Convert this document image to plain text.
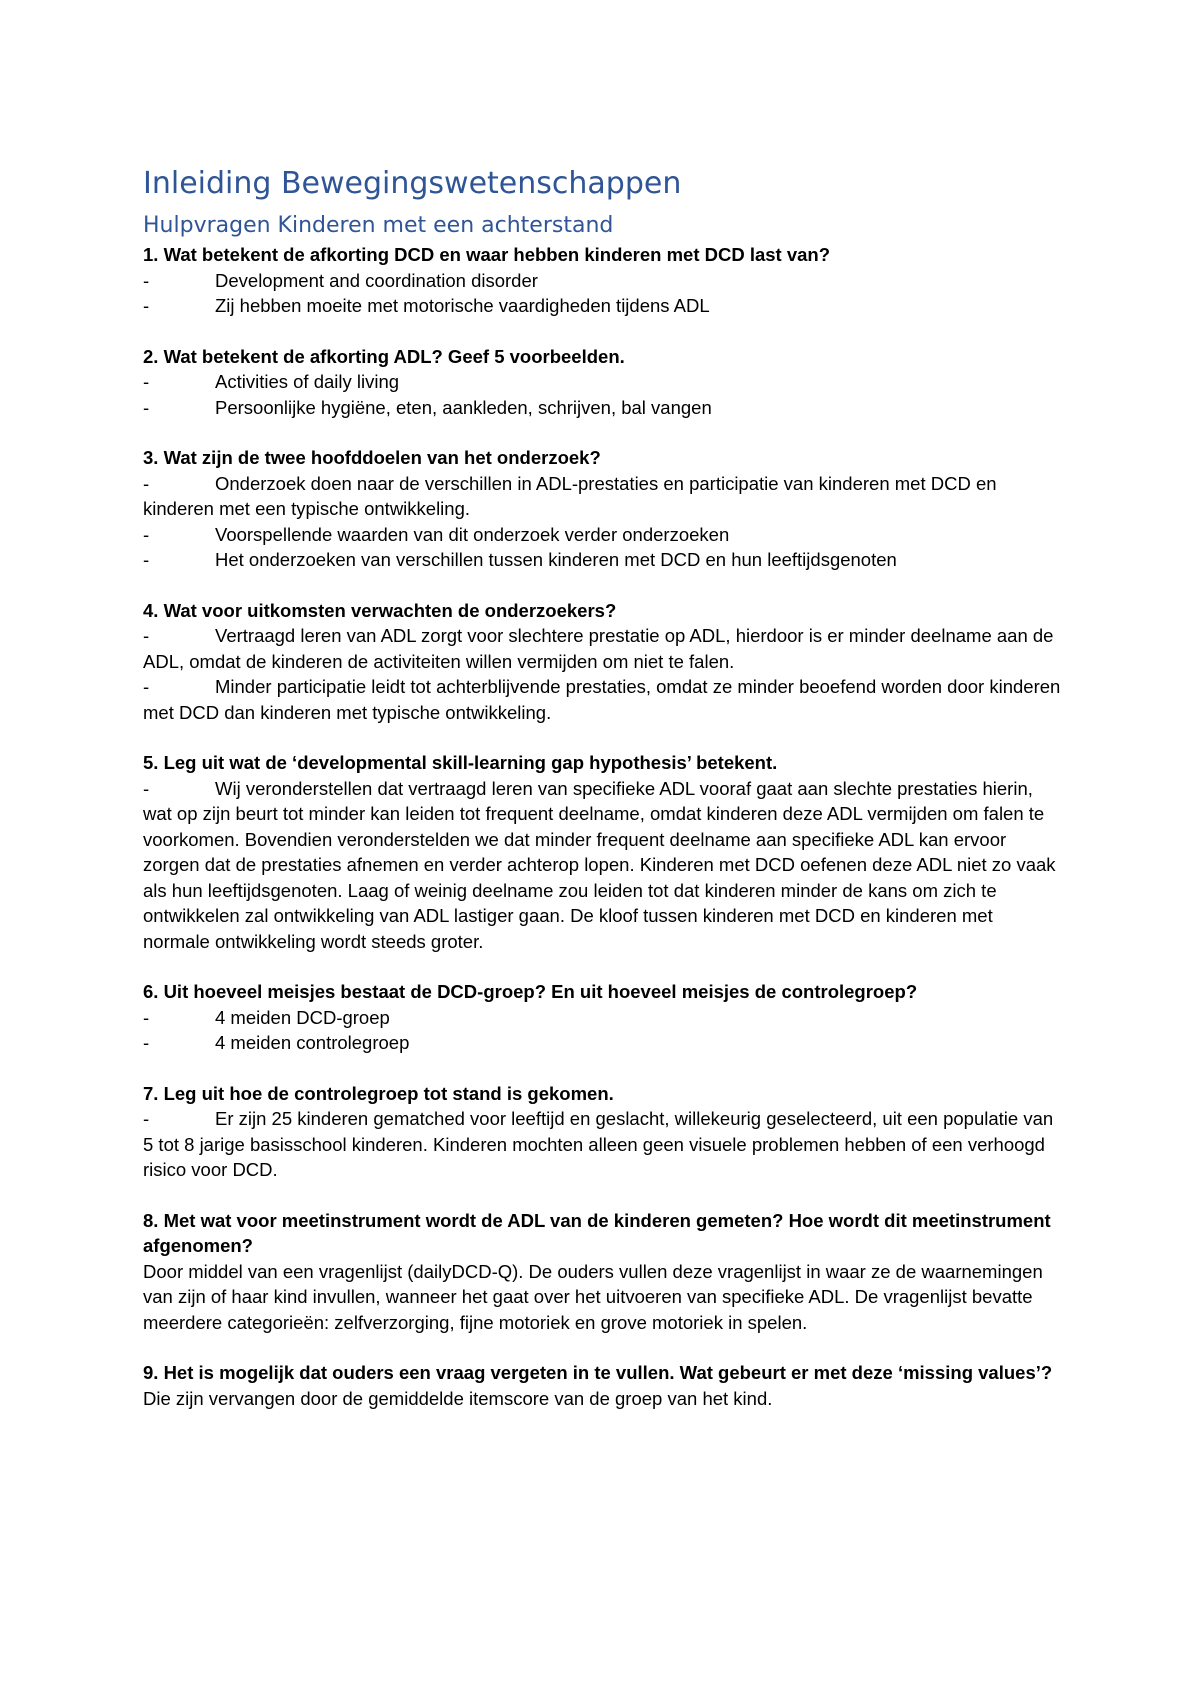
Inleiding Bewegingswetenschappen
Hulpvragen Kinderen met een achterstand

1. Wat betekent de afkorting DCD en waar hebben kinderen met DCD last van?

-	Development and coordination disorder
-	Zij hebben moeite met motorische vaardigheden tijdens ADL

2. Wat betekent de afkorting ADL? Geef 5 voorbeelden.

-	Activities of daily living
-	Persoonlijke hygiëne, eten, aankleden, schrijven, bal vangen

3. Wat zijn de twee hoofddoelen van het onderzoek?

-	Onderzoek doen naar de verschillen in ADL-prestaties en participatie van kinderen met DCD en kinderen met een typische ontwikkeling.

-	Voorspellende waarden van dit onderzoek verder onderzoeken
-	Het onderzoeken van verschillen tussen kinderen met DCD en hun leeftijdsgenoten

4. Wat voor uitkomsten verwachten de onderzoekers?

-	Vertraagd leren van ADL zorgt voor slechtere prestatie op ADL, hierdoor is er minder deelname aan de ADL, omdat de kinderen de activiteiten willen vermijden om niet te falen.

-	Minder participatie leidt tot achterblijvende prestaties, omdat ze minder beoefend worden door kinderen met DCD dan kinderen met typische ontwikkeling.

5. Leg uit wat de ‘developmental skill-learning gap hypothesis’ betekent.

-	Wij veronderstellen dat vertraagd leren van specifieke ADL vooraf gaat aan slechte prestaties hierin, wat op zijn beurt tot minder kan leiden tot frequent deelname, omdat kinderen deze ADL vermijden om falen te voorkomen. Bovendien veronderstelden we dat minder frequent deelname aan specifieke ADL kan ervoor zorgen dat de prestaties afnemen en verder achterop lopen. Kinderen met DCD oefenen deze ADL niet zo vaak als hun leeftijdsgenoten. Laag of weinig deelname zou leiden tot dat kinderen minder de kans om zich te ontwikkelen zal ontwikkeling van ADL lastiger gaan. De kloof tussen kinderen met DCD en kinderen met normale ontwikkeling wordt steeds groter.

6. Uit hoeveel meisjes bestaat de DCD-groep? En uit hoeveel meisjes de controlegroep?

-	4 meiden DCD-groep
-	4 meiden controlegroep

7. Leg uit hoe de controlegroep tot stand is gekomen.

-	Er zijn 25 kinderen gematched voor leeftijd en geslacht, willekeurig geselecteerd, uit een populatie van 5 tot 8 jarige basisschool kinderen. Kinderen mochten alleen geen visuele problemen hebben of een verhoogd risico voor DCD.

8. Met wat voor meetinstrument wordt de ADL van de kinderen gemeten? Hoe wordt dit meetinstrument afgenomen?

Door middel van een vragenlijst (dailyDCD-Q). De ouders vullen deze vragenlijst in waar ze de waarnemingen van zijn of haar kind invullen, wanneer het gaat over het uitvoeren van specifieke ADL. De vragenlijst bevatte meerdere categorieën: zelfverzorging, fijne motoriek en grove motoriek in spelen.

9. Het is mogelijk dat ouders een vraag vergeten in te vullen. Wat gebeurt er met deze ‘missing values’?

Die zijn vervangen door de gemiddelde itemscore van de groep van het kind.
